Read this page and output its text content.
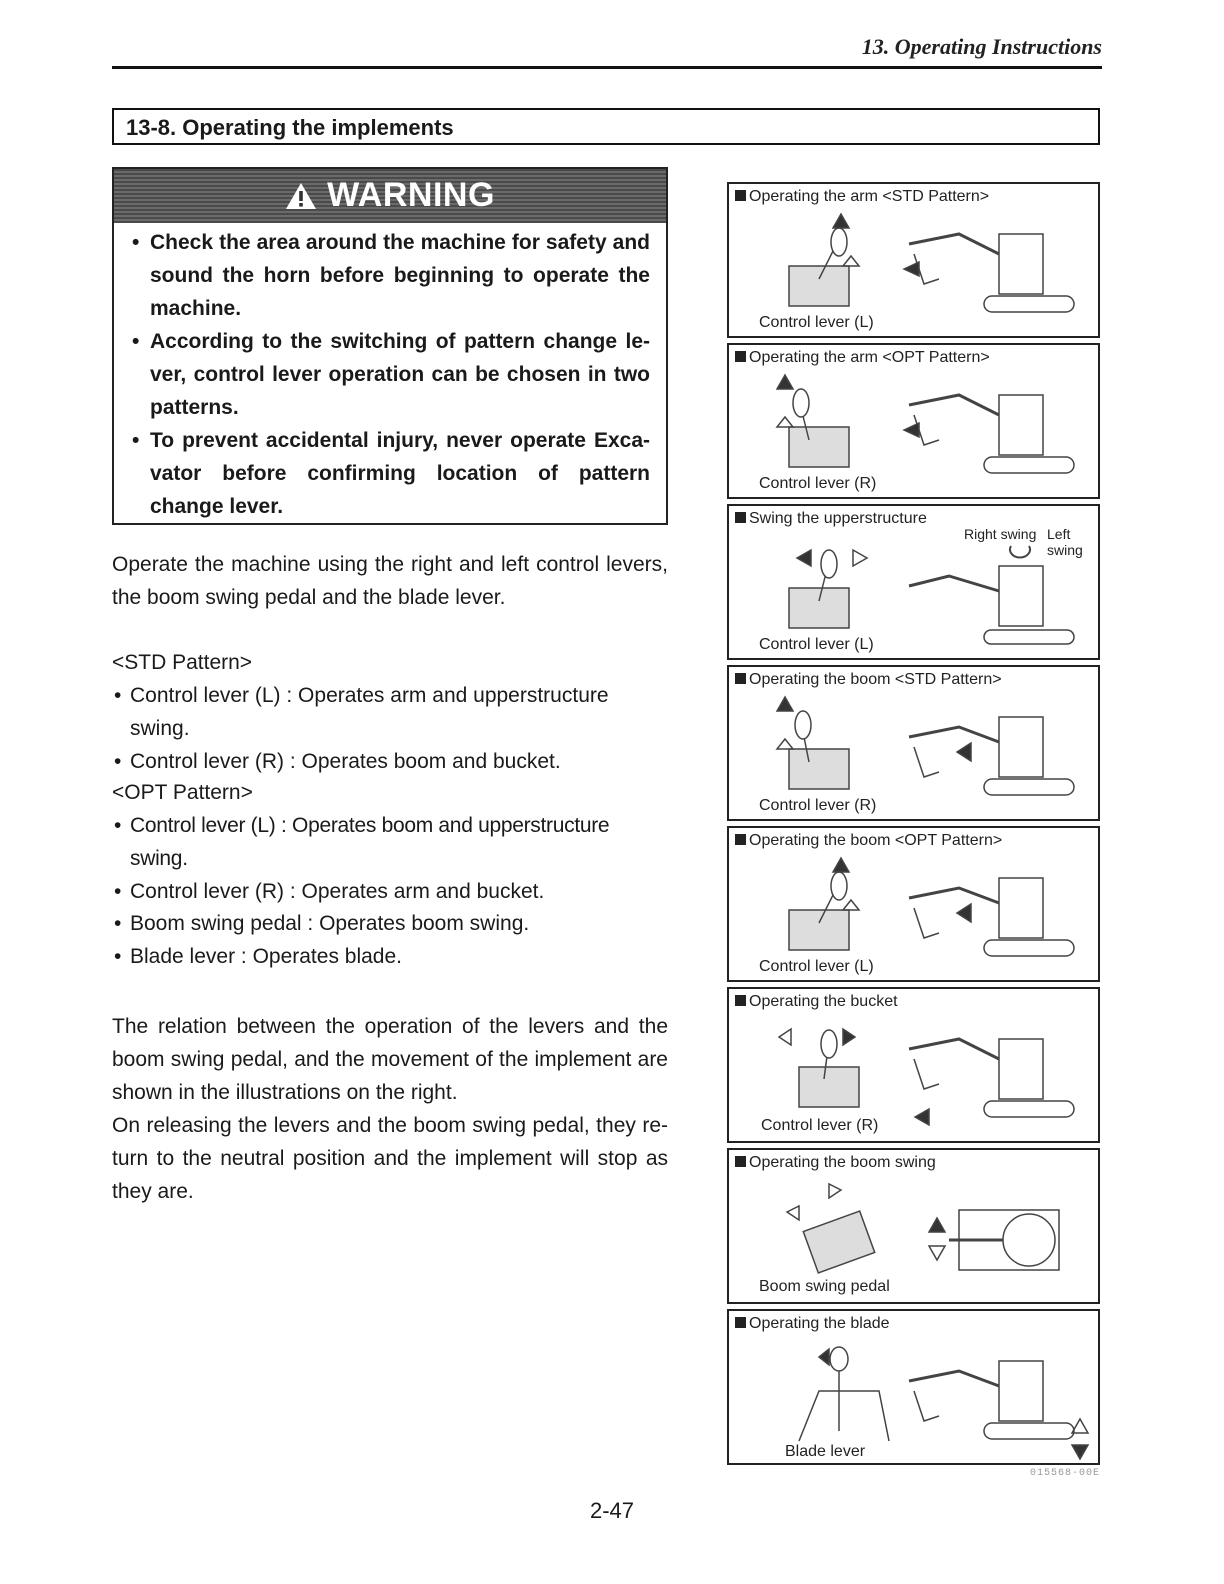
13. Operating Instructions
13-8. Operating the implements
WARNING
• Check the area around the machine for safety and sound the horn before beginning to operate the machine.
• According to the switching of pattern change le-ver, control lever operation can be chosen in two patterns.
• To prevent accidental injury, never operate Exca-vator before confirming location of pattern change lever.
Operate the machine using the right and left control levers, the boom swing pedal and the blade lever.

<STD Pattern>

• Control lever (L) : Operates arm and upperstructure swing.

• Control lever (R) : Operates boom and bucket.

<OPT Pattern>

• Control lever (L) : Operates boom and upperstructure swing.

• Control lever (R) : Operates arm and bucket.

• Boom swing pedal : Operates boom swing.

• Blade lever : Operates blade.

The relation between the operation of the levers and the boom swing pedal, and the movement of the implement are shown in the illustrations on the right.

On releasing the levers and the boom swing pedal, they re-turn to the neutral position and the implement will stop as they are.

Operating the arm <STD Pattern>
Control lever (L)
Operating the arm <OPT Pattern>
Control lever (R)
Swing the upperstructure
Control lever (L)
Right swing Left swing
Operating the boom <STD Pattern>
Control lever (R)
Operating the boom <OPT Pattern>
Control lever (L)
Operating the bucket
Control lever (R)
Operating the boom swing
Boom swing pedal
Operating the blade
Blade lever
015568-00E
2-47
